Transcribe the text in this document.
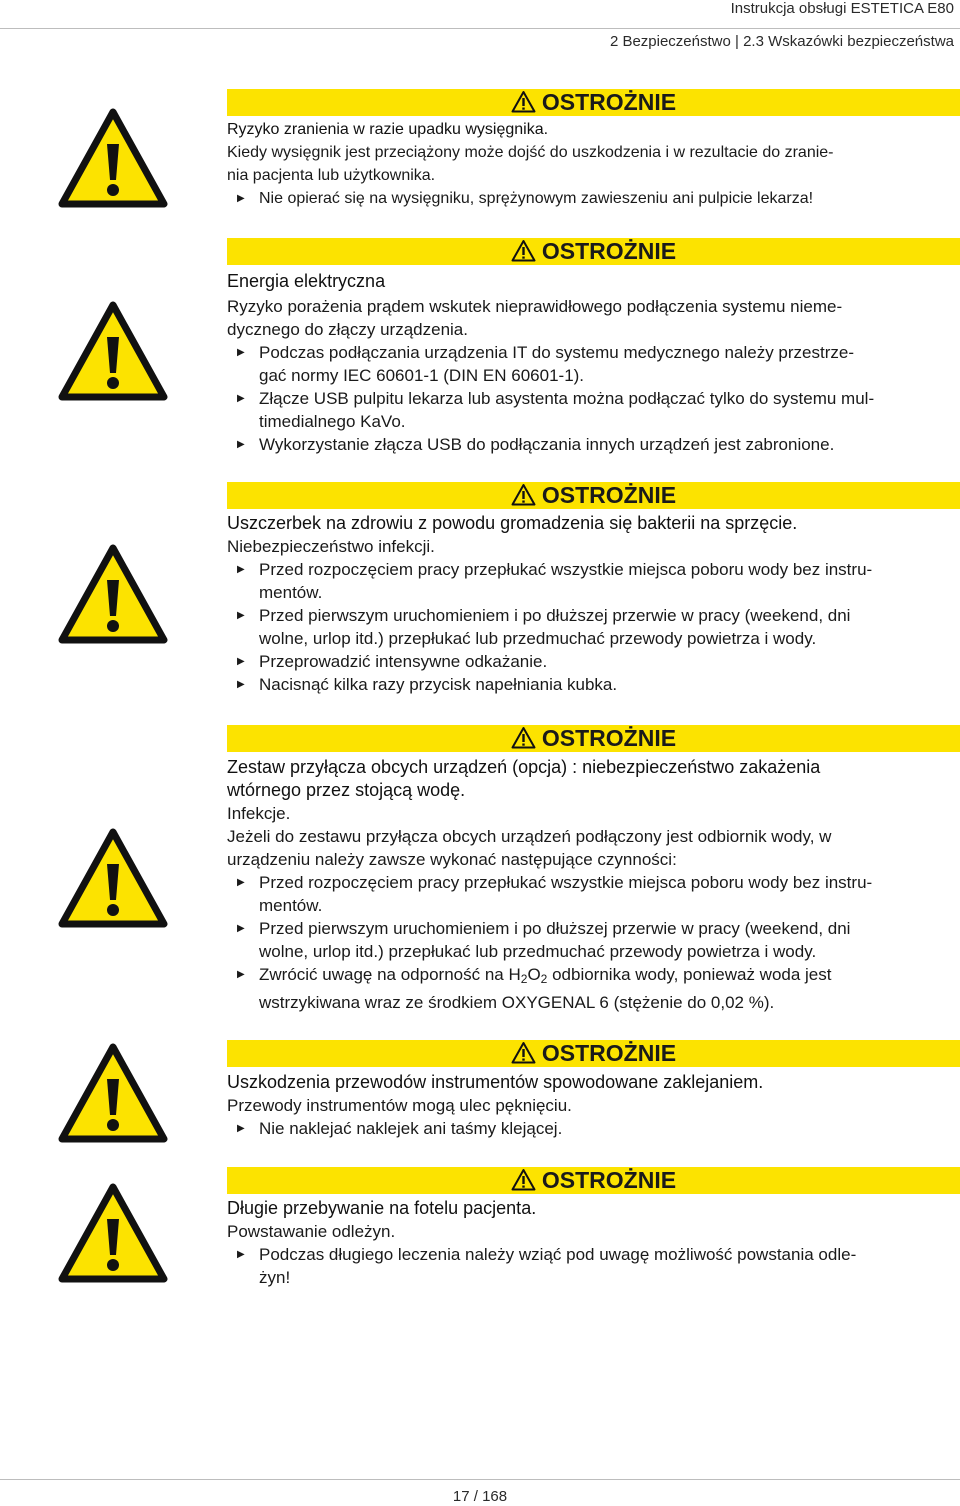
Instrukcja obsługi ESTETICA E80
2 Bezpieczeństwo | 2.3 Wskazówki bezpieczeństwa
OSTROŻNIE
Ryzyko zranienia w razie upadku wysięgnika.
Kiedy wysięgnik jest przeciążony może dojść do uszkodzenia i w rezultacie do zranie-
nia pacjenta lub użytkownika.
▶ Nie opierać się na wysięgniku, sprężynowym zawieszeniu ani pulpicie lekarza!
OSTROŻNIE
Energia elektryczna
Ryzyko porażenia prądem wskutek nieprawidłowego podłączenia systemu nieme-
dycznego do złączy urządzenia.
▶ Podczas podłączania urządzenia IT do systemu medycznego należy przestrze-
gać normy IEC 60601-1 (DIN EN 60601-1).
▶ Złącze USB pulpitu lekarza lub asystenta można podłączać tylko do systemu mul-
timedialnego KaVo.
▶ Wykorzystanie złącza USB do podłączania innych urządzeń jest zabronione.
OSTROŻNIE
Uszczerbek na zdrowiu z powodu gromadzenia się bakterii na sprzęcie.
Niebezpieczeństwo infekcji.
▶ Przed rozpoczęciem pracy przepłukać wszystkie miejsca poboru wody bez instru-
mentów.
▶ Przed pierwszym uruchomieniem i po dłuższej przerwie w pracy (weekend, dni
wolne, urlop itd.) przepłukać lub przedmuchać przewody powietrza i wody.
▶ Przeprowadzić intensywne odkażanie.
▶ Nacisnąć kilka razy przycisk napełniania kubka.
OSTROŻNIE
Zestaw przyłącza obcych urządzeń (opcja) : niebezpieczeństwo zakażenia
wtórnego przez stojącą wodę.
Infekcje.
Jeżeli do zestawu przyłącza obcych urządzeń podłączony jest odbiornik wody, w
urządzeniu należy zawsze wykonać następujące czynności:
▶ Przed rozpoczęciem pracy przepłukać wszystkie miejsca poboru wody bez instru-
mentów.
▶ Przed pierwszym uruchomieniem i po dłuższej przerwie w pracy (weekend, dni
wolne, urlop itd.) przepłukać lub przedmuchać przewody powietrza i wody.
▶ Zwrócić uwagę na odporność na $H_2O_2$ odbiornika wody, ponieważ woda jest
wstrzykiwana wraz ze środkiem OXYGENAL 6 (stężenie do 0,02 %).
OSTROŻNIE
Uszkodzenia przewodów instrumentów spowodowane zaklejaniem.
Przewody instrumentów mogą ulec pęknięciu.
▶ Nie naklejać naklejek ani taśmy klejącej.
OSTROŻNIE
Długie przebywanie na fotelu pacjenta.
Powstawanie odleżyn.
▶ Podczas długiego leczenia należy wziąć pod uwagę możliwość powstania odle-
żyn!
17 / 168
